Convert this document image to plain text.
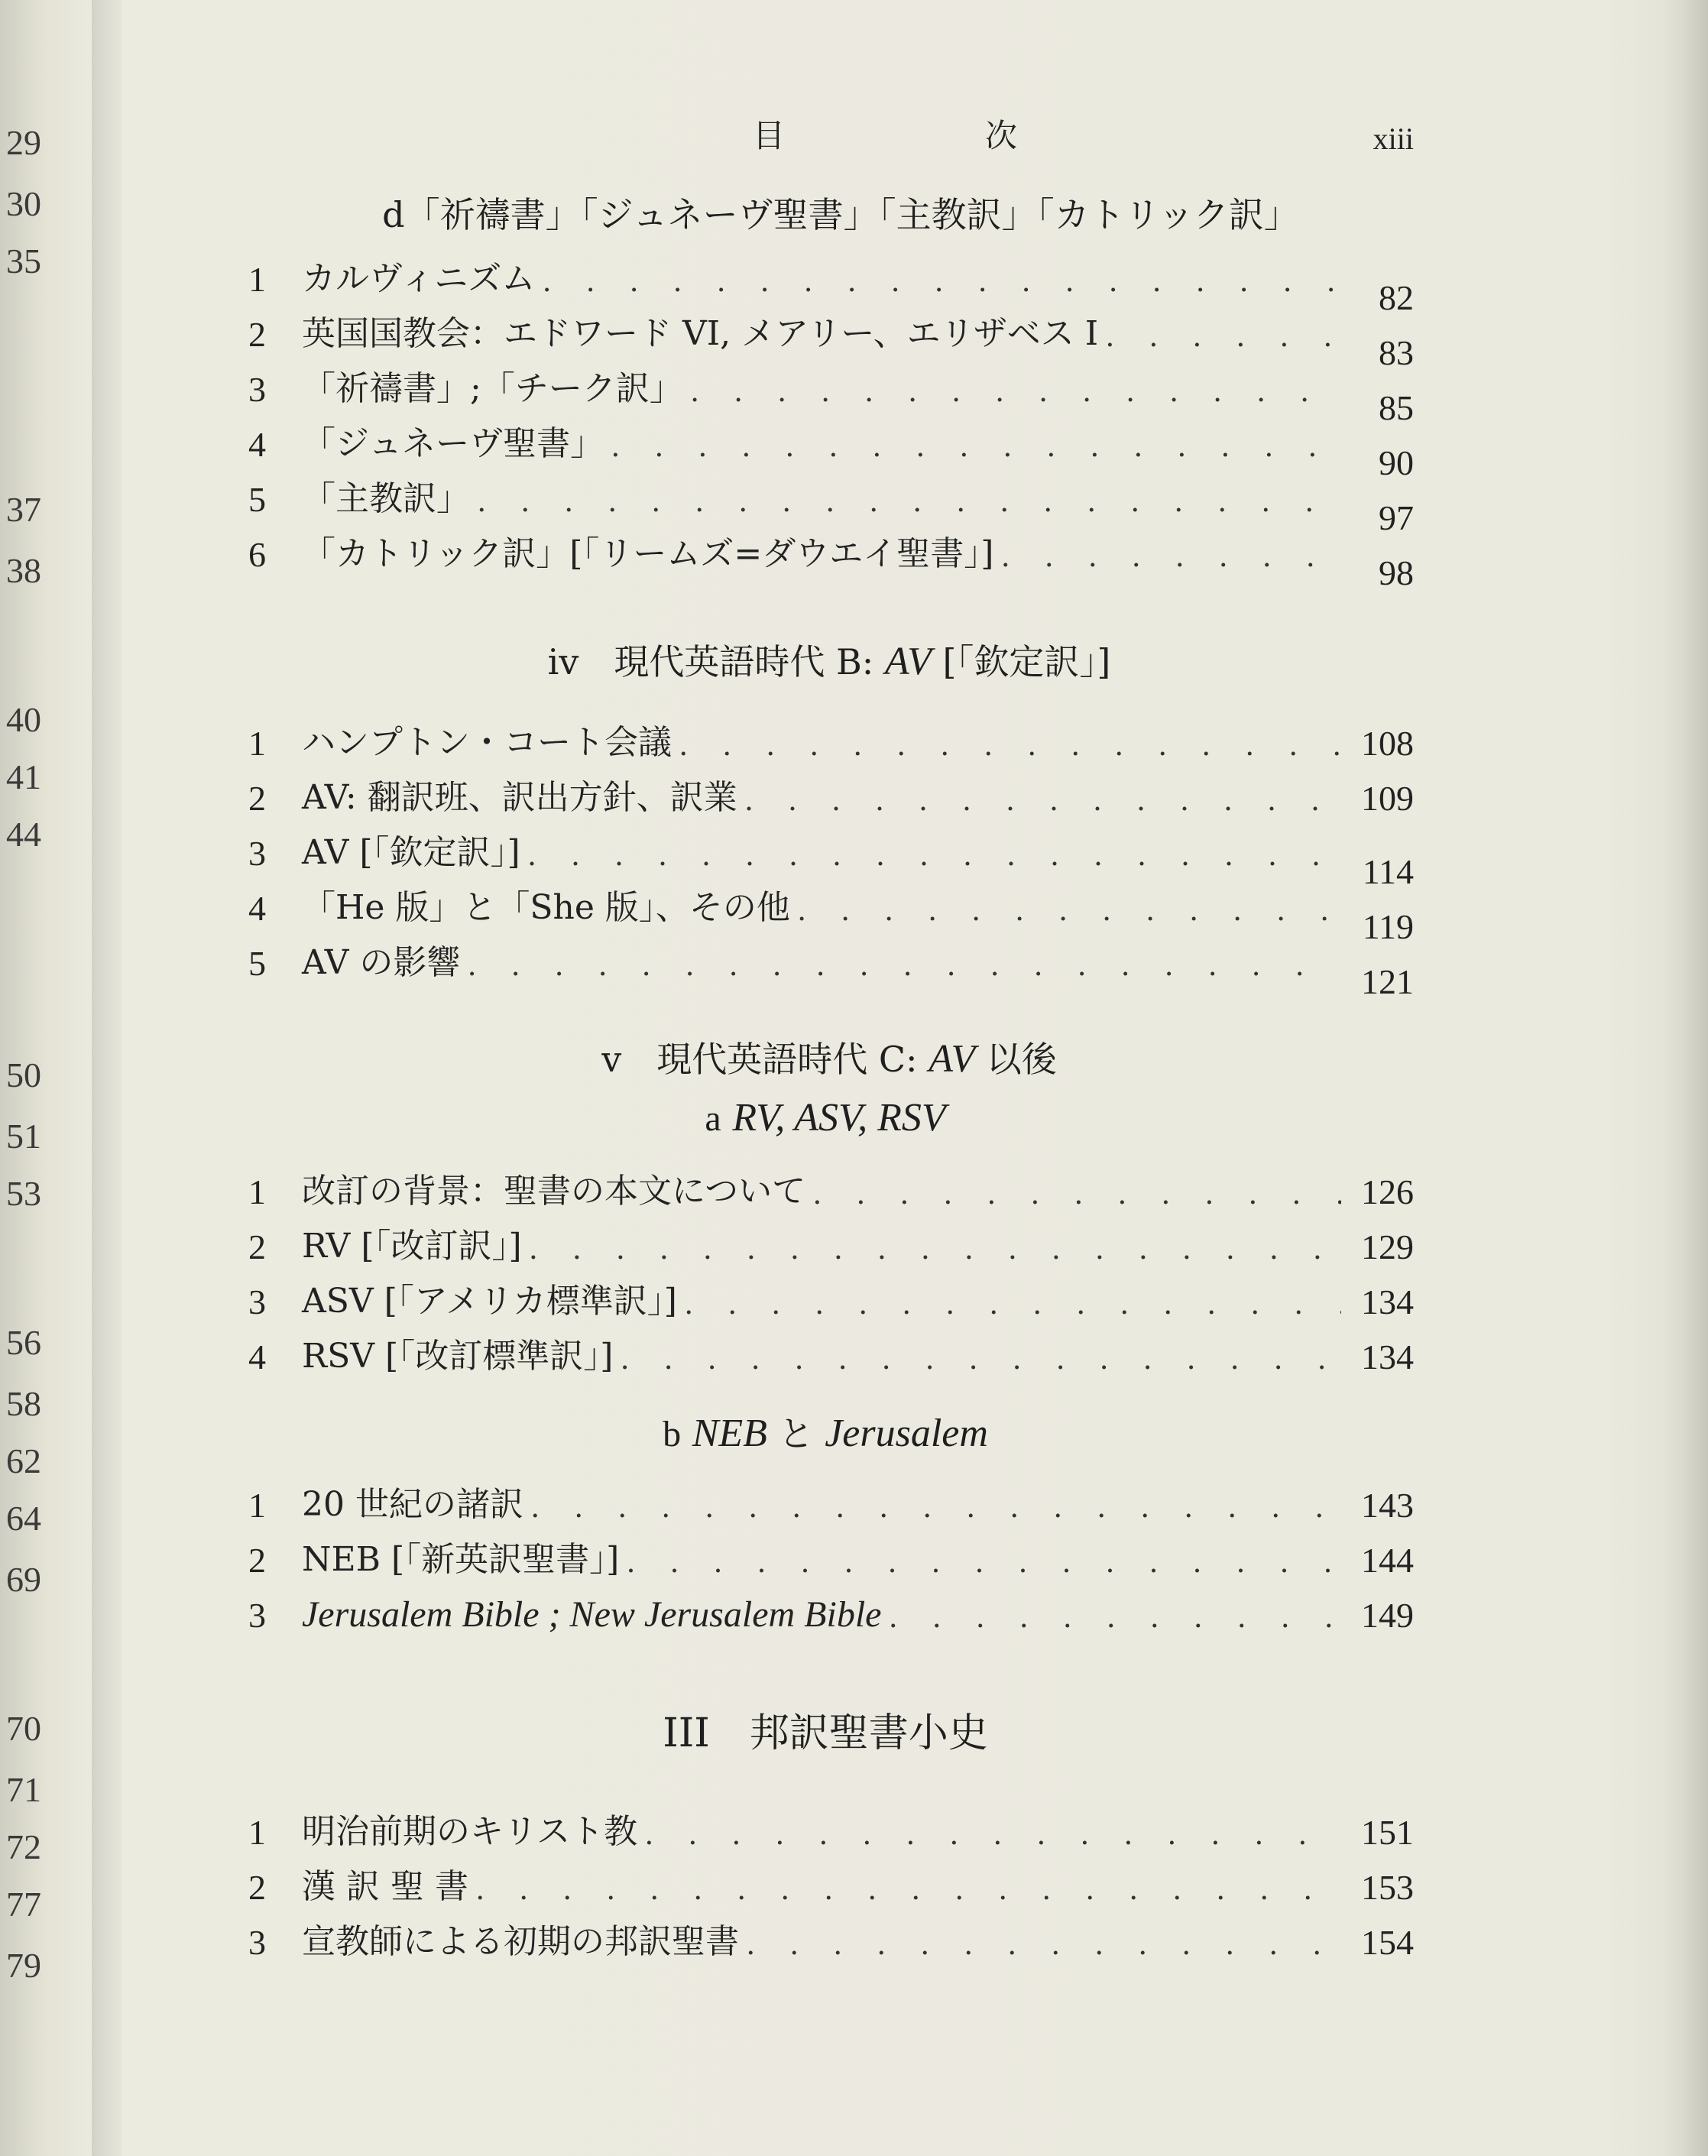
29
30
35
37
38
40
41
44
50
51
53
56
58
62
64
69
70
71
72
77
79
目　次	xiii
d「祈禱書」「ジュネーヴ聖書」「主教訳」「カトリック訳」
1	カルヴィニズム . . .	82
2	英国国教会：エドワード VI, メアリー、エリザベス I . . .	83
3	「祈禱書」;「チーク訳」 . . .	85
4	「ジュネーヴ聖書」 . . .	90
5	「主教訳」 . . .	97
6	「カトリック訳」[「リームズ=ダウエイ聖書」] . . .	98
iv　現代英語時代 B: AV [「欽定訳」]
1	ハンプトン・コート会議 . . .	108
2	AV: 翻訳班、訳出方針、訳業 . . .	109
3	AV [「欽定訳」] . . .	114
4	「He 版」と「She 版」、その他 . . .	119
5	AV の影響 . . .	121
v　現代英語時代 C: AV 以後
a RV, ASV, RSV
1	改訂の背景：聖書の本文について . . .	126
2	RV [「改訂訳」] . . .	129
3	ASV [「アメリカ標準訳」] . . .	134
4	RSV [「改訂標準訳」] . . .	134
b NEB と Jerusalem
1	20 世紀の諸訳 . . .	143
2	NEB [「新英訳聖書」] . . .	144
3 Jerusalem Bible ; New Jerusalem Bible . . .	149
III　邦訳聖書小史
1	明治前期のキリスト教 . . .	151
2	漢 訳 聖 書 . . .	153
3	宣教師による初期の邦訳聖書 . . .	154
